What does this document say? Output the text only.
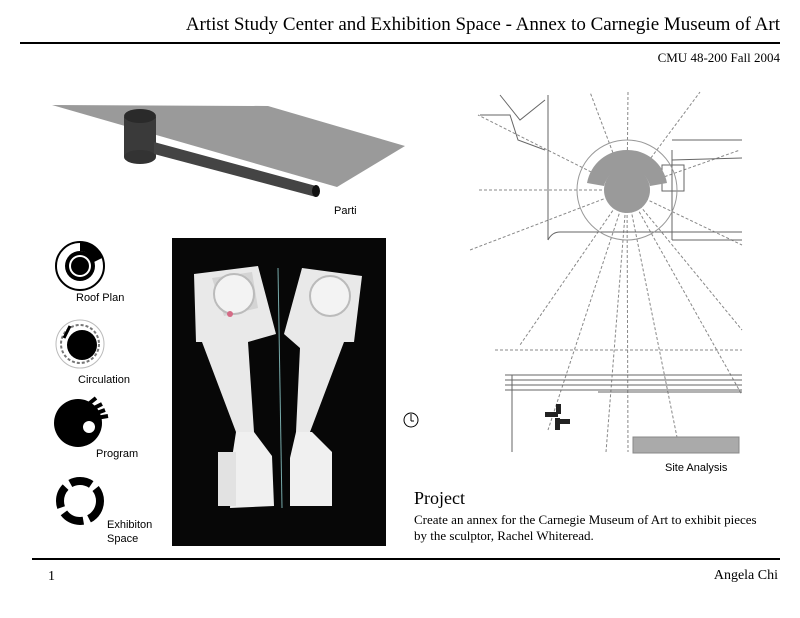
Artist Study Center and Exhibition Space - Annex to Carnegie Museum of Art
CMU 48-200 Fall 2004
Parti
Roof Plan
Circulation
Program
Exhibiton
Space
Site Analysis
Project
Create an annex for the Carnegie Museum of Art to exhibit pieces by the sculptor, Rachel Whiteread.
1	Angela Chi
